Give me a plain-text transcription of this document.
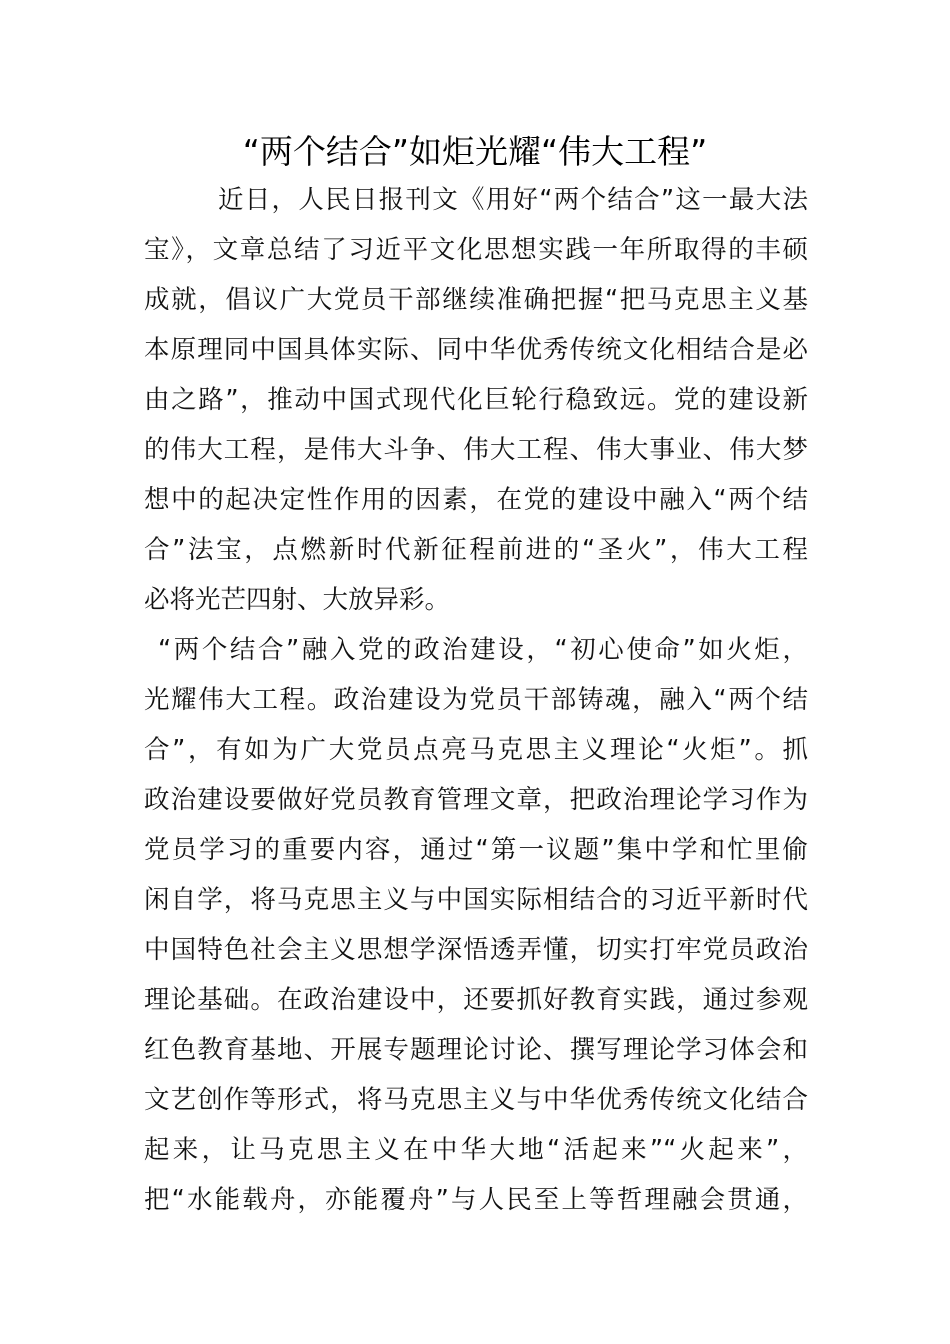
“两个结合”如炬光耀“伟大工程”
近日，人民日报刊文《用好“两个结合”这一最大法
宝》，文章总结了习近平文化思想实践一年所取得的丰硕
成就，倡议广大党员干部继续准确把握“把马克思主义基
本原理同中国具体实际、同中华优秀传统文化相结合是必
由之路”，推动中国式现代化巨轮行稳致远。党的建设新
的伟大工程，是伟大斗争、伟大工程、伟大事业、伟大梦
想中的起决定性作用的因素，在党的建设中融入“两个结
合”法宝，点燃新时代新征程前进的“圣火”，伟大工程
必将光芒四射、大放异彩。
“两个结合”融入党的政治建设，“初心使命”如火炬，
光耀伟大工程。政治建设为党员干部铸魂，融入“两个结
合”，有如为广大党员点亮马克思主义理论“火炬”。抓
政治建设要做好党员教育管理文章，把政治理论学习作为
党员学习的重要内容，通过“第一议题”集中学和忙里偷
闲自学，将马克思主义与中国实际相结合的习近平新时代
中国特色社会主义思想学深悟透弄懂，切实打牢党员政治
理论基础。在政治建设中，还要抓好教育实践，通过参观
红色教育基地、开展专题理论讨论、撰写理论学习体会和
文艺创作等形式，将马克思主义与中华优秀传统文化结合
起来，让马克思主义在中华大地“活起来”“火起来”，
把“水能载舟，亦能覆舟”与人民至上等哲理融会贯通，
